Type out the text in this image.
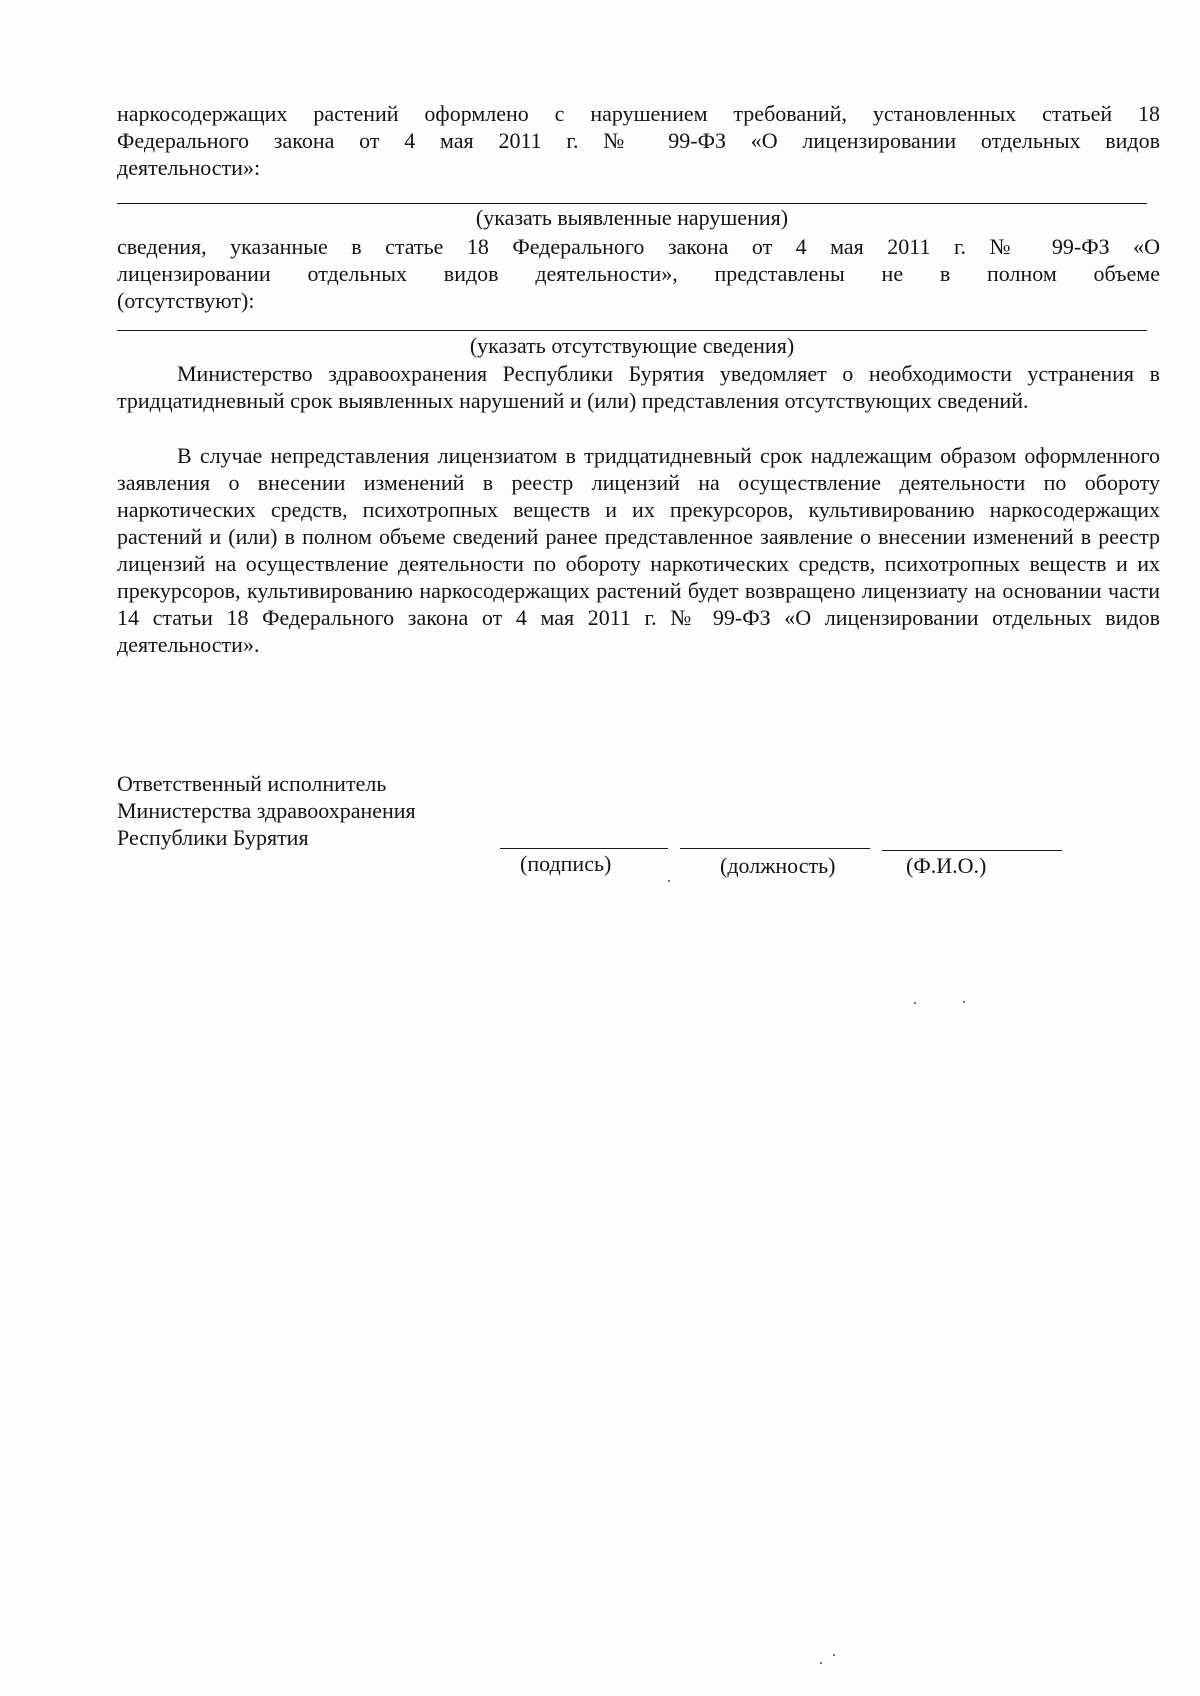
наркосодержащих растений оформлено с нарушением требований, установленных статьей 18
Федерального закона от 4 мая 2011 г. № 99-ФЗ «О лицензировании отдельных видов
деятельности»:
(указать выявленные нарушения)
сведения, указанные в статье 18 Федерального закона от 4 мая 2011 г. № 99-ФЗ «О
лицензировании отдельных видов деятельности», представлены не в полном объеме
(отсутствуют):
(указать отсутствующие сведения)
Министерство здравоохранения Республики Бурятия уведомляет о необходимости устранения в тридцатидневный срок выявленных нарушений и (или) представления отсутствующих сведений.
В случае непредставления лицензиатом в тридцатидневный срок надлежащим образом оформленного заявления о внесении изменений в реестр лицензий на осуществление деятельности по обороту наркотических средств, психотропных веществ и их прекурсоров, культивированию наркосодержащих растений и (или) в полном объеме сведений ранее представленное заявление о внесении изменений в реестр лицензий на осуществление деятельности по обороту наркотических средств, психотропных веществ и их прекурсоров, культивированию наркосодержащих растений будет возвращено лицензиату на основании части 14 статьи 18 Федерального закона от 4 мая 2011 г. № 99-ФЗ «О лицензировании отдельных видов деятельности».
Ответственный исполнитель
Министерства здравоохранения
Республики Бурятия
(подпись)	(должность)	(Ф.И.О.)
